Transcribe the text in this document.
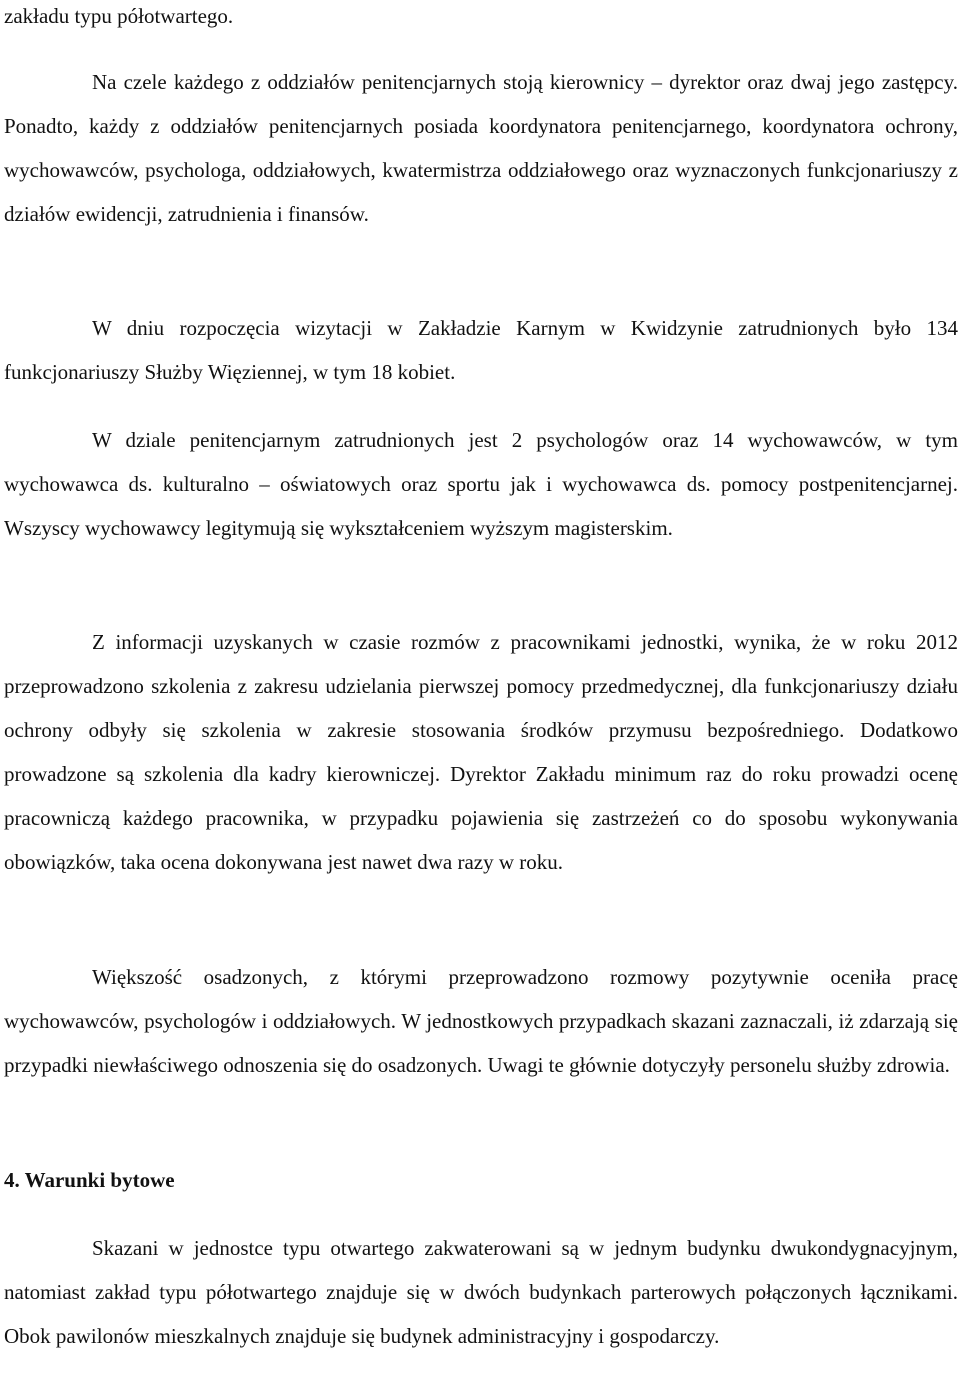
zakładu typu półotwartego.

Na czele każdego z oddziałów penitencjarnych stoją kierownicy – dyrektor oraz dwaj jego zastępcy. Ponadto, każdy z oddziałów penitencjarnych posiada koordynatora penitencjarnego, koordynatora ochrony, wychowawców, psychologa, oddziałowych, kwatermistrza oddziałowego oraz wyznaczonych funkcjonariuszy z działów ewidencji, zatrudnienia i finansów.

W dniu rozpoczęcia wizytacji w Zakładzie Karnym w Kwidzynie zatrudnionych było 134 funkcjonariuszy Służby Więziennej, w tym 18 kobiet.

W dziale penitencjarnym zatrudnionych jest 2 psychologów oraz 14 wychowawców, w tym wychowawca ds. kulturalno – oświatowych oraz sportu jak i wychowawca ds. pomocy postpenitencjarnej. Wszyscy wychowawcy legitymują się wykształceniem wyższym magisterskim.

Z informacji uzyskanych w czasie rozmów z pracownikami jednostki, wynika, że w roku 2012 przeprowadzono szkolenia z zakresu udzielania pierwszej pomocy przedmedycznej, dla funkcjonariuszy działu ochrony odbyły się szkolenia w zakresie stosowania środków przymusu bezpośredniego. Dodatkowo prowadzone są szkolenia dla kadry kierowniczej. Dyrektor Zakładu minimum raz do roku prowadzi ocenę pracowniczą każdego pracownika, w przypadku pojawienia się zastrzeżeń co do sposobu wykonywania obowiązków, taka ocena dokonywana jest nawet dwa razy w roku.

Większość osadzonych, z którymi przeprowadzono rozmowy pozytywnie oceniła pracę wychowawców, psychologów i oddziałowych. W jednostkowych przypadkach skazani zaznaczali, iż zdarzają się przypadki niewłaściwego odnoszenia się do osadzonych. Uwagi te głównie dotyczyły personelu służby zdrowia.

4. Warunki bytowe

Skazani w jednostce typu otwartego zakwaterowani są w jednym budynku dwukondygnacyjnym, natomiast zakład typu półotwartego znajduje się w dwóch budynkach parterowych połączonych łącznikami. Obok pawilonów mieszkalnych znajduje się budynek administracyjny i gospodarczy.
